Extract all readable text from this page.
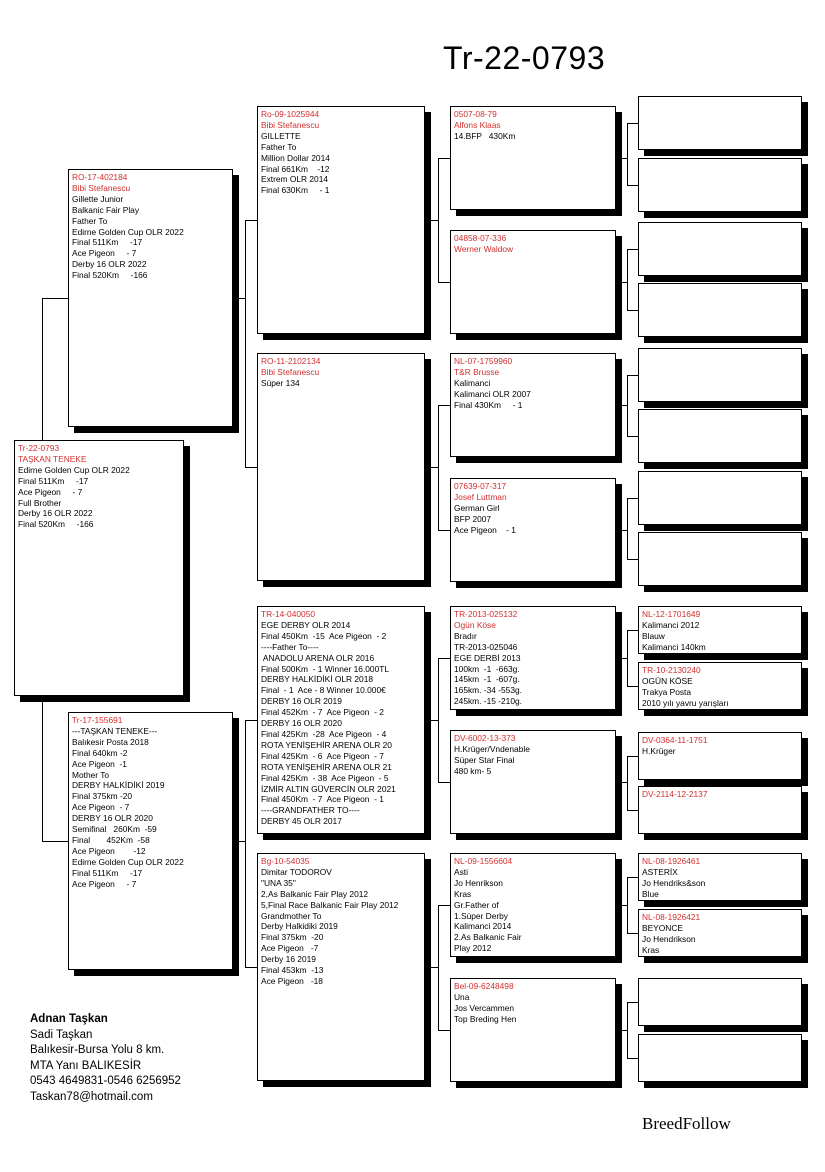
Tr-22-0793
Tr-22-0793
TAŞKAN TENEKE
Edirne Golden Cup OLR 2022
Final 511Km     -17
Ace Pigeon     - 7
Full Brother
Derby 16 OLR 2022
Final 520Km     -166
RO-17-402184
Bibi Stefanescu
Gillette Junior
Balkanic Fair Play
Father To
Edirne Golden Cup OLR 2022
Final 511Km     -17
Ace Pigeon     - 7
Derby 16 OLR 2022
Final 520Km     -166
Tr-17-155691
---TAŞKAN TENEKE---
Balıkesir Posta 2018
Final 640km -2
Ace Pigeon  -1
Mother To
DERBY HALKİDİKİ 2019
Final 375km -20
Ace Pigeon  - 7
DERBY 16 OLR 2020
Semifinal   260Km  -59
Final       452Km  -58
Ace Pigeon        -12
Edirne Golden Cup OLR 2022
Final 511Km     -17
Ace Pigeon     - 7
Ro-09-1025944
Bibi Stefanescu
GILLETTE
Father To
Million Dollar 2014
Final 661Km    -12
Extrem OLR 2014
Final 630Km     - 1
RO-11-2102134
Bibi Stefanescu
Süper 134
TR-14-040050
EGE DERBY OLR 2014
Final 450Km  -15  Ace Pigeon  - 2
----Father To----
ANADOLU ARENA OLR 2016
Final 500Km  - 1 Winner 16.000TL
DERBY HALKİDİKİ OLR 2018
Final  - 1  Ace - 8 Winner 10.000€
DERBY 16 OLR 2019
Final 452Km  - 7  Ace Pigeon  - 2
DERBY 16 OLR 2020
Final 425Km  -28  Ace Pigeon  - 4
ROTA YENİŞEHİR ARENA OLR 20
Final 425Km  - 6  Ace Pigeon  - 7
ROTA YENİŞEHİR ARENA OLR 21
Final 425Km  - 38  Ace Pigeon  - 5
İZMİR ALTIN GÜVERCİN OLR 2021
Final 450Km  - 7  Ace Pigeon  - 1
----GRANDFATHER TO----
DERBY 45 OLR 2017
Bg-10-54035
Dimitar TODOROV
"UNA 35"
2,As Balkanic Fair Play 2012
5,Final Race Balkanic Fair Play 2012
Grandmother To
Derby Halkidiki 2019
Final 375km  -20
Ace Pigeon   -7
Derby 16 2019
Final 453km  -13
Ace Pigeon   -18
0507-08-79
Alfons Klaas
14.BFP   430Km
04858-07-336
Werner Waldow
NL-07-1759960
T&R Brusse
Kalimanci
Kalimanci OLR 2007
Final 430Km     - 1
07639-07-317
Josef Luttman
German Girl
BFP 2007
Ace Pigeon    - 1
TR-2013-025132
Ogün Köse
Bradır
TR-2013-025046
EGE DERBİ 2013
100km  -1  -663g.
145km  -1  -607g.
165km. -34 -553g.
245km. -15 -210g.
DV-6002-13-373
H.Krüger/Vndenable
Süper Star Final
480 km- 5
NL-09-1556604
Asti
Jo Henrikson
Kras
Gr.Father of
1.Süper Derby
Kalimanci 2014
2.As Balkanic Fair
Play 2012
Bel-09-6248498
Una
Jos Vercammen
Top Breding Hen
NL-12-1701649
Kalimanci 2012
Blauw
Kalimanci 140km
TR-10-2130240
OGÜN KÖSE
Trakya Posta
2010 yılı yavru yarışları
DV-0364-11-1751
H.Krüger
DV-2114-12-2137
NL-08-1926461
ASTERİX
Jo Hendriks&son
Blue
NL-08-1926421
BEYONCE
Jo Hendrikson
Kras
Adnan Taşkan
Sadi Taşkan
Balıkesir-Bursa Yolu 8 km.
MTA Yanı BALIKESİR
0543 4649831-0546 6256952
Taskan78@hotmail.com
BreedFollow
